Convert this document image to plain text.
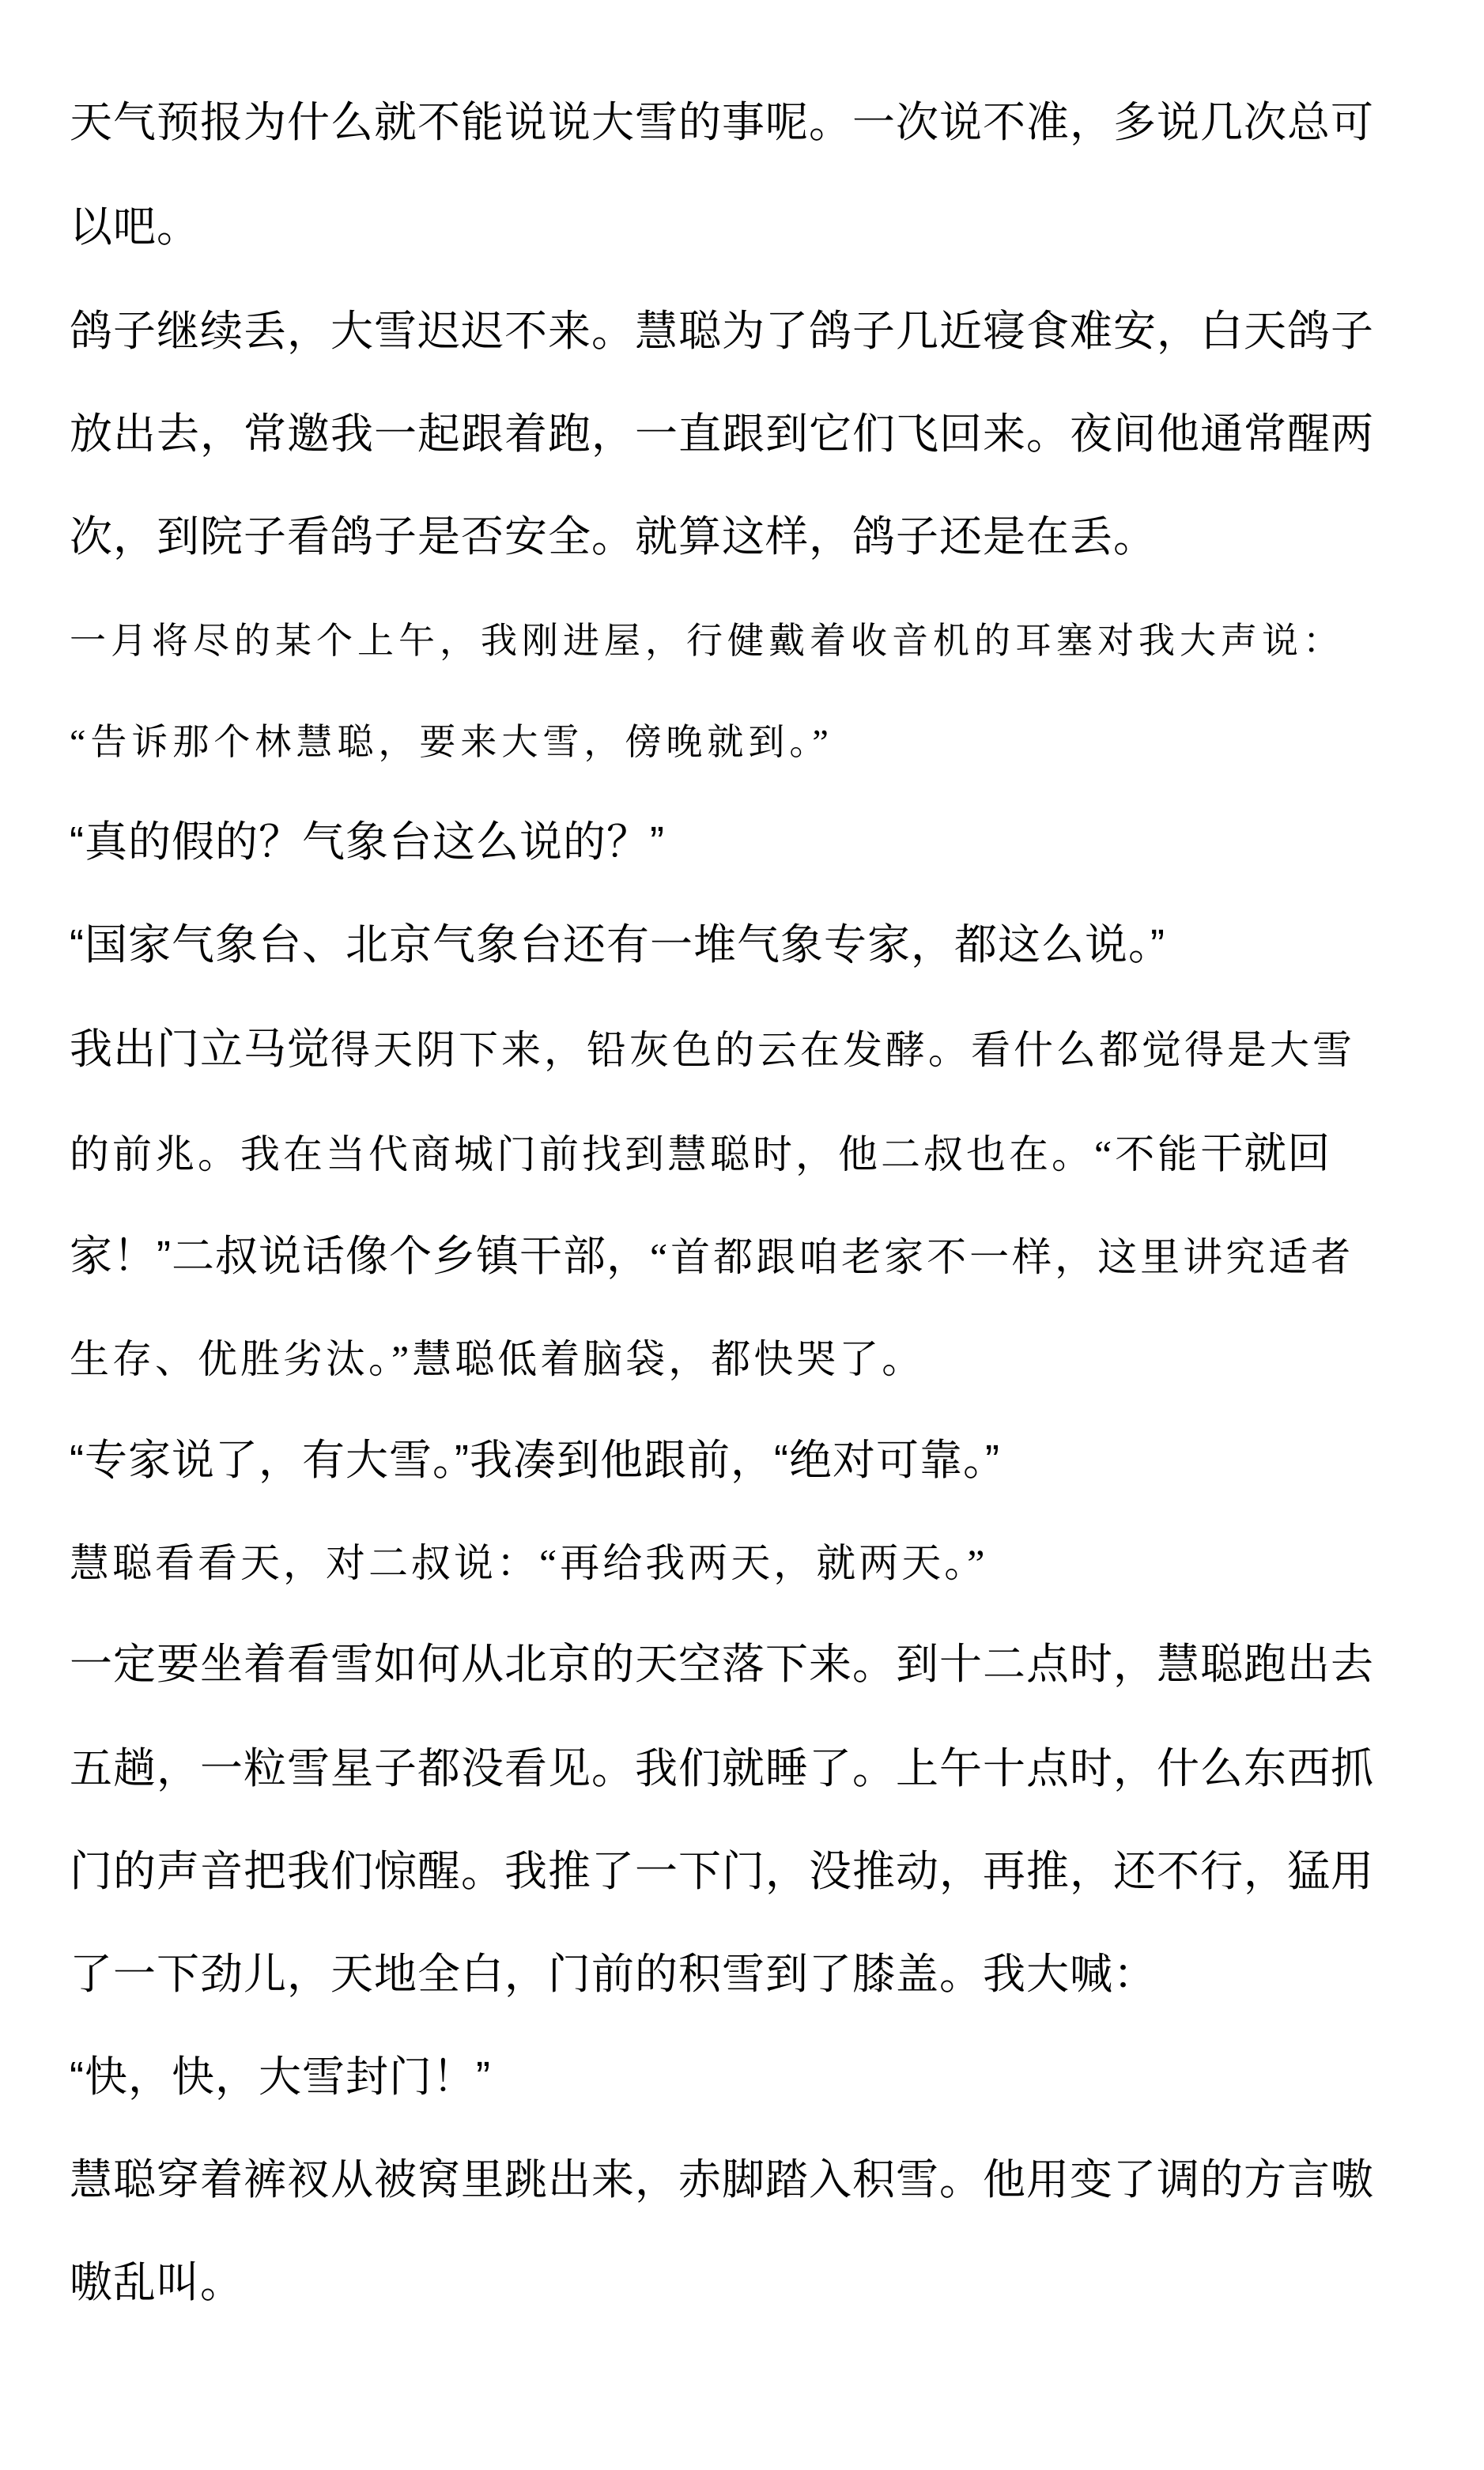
天气预报为什么就不能说说大雪的事呢。一次说不准，多说几次总可
以吧。
鸽子继续丢，大雪迟迟不来。慧聪为了鸽子几近寝食难安，白天鸽子
放出去，常邀我一起跟着跑，一直跟到它们飞回来。夜间他通常醒两
次，到院子看鸽子是否安全。就算这样，鸽子还是在丢。
一月将尽的某个上午，我刚进屋，行健戴着收音机的耳塞对我大声说：
“告诉那个林慧聪，要来大雪，傍晚就到。”
“真的假的？气象台这么说的？”
“国家气象台、北京气象台还有一堆气象专家，都这么说。”
我出门立马觉得天阴下来，铅灰色的云在发酵。看什么都觉得是大雪
的前兆。我在当代商城门前找到慧聪时，他二叔也在。“不能干就回
家！”二叔说话像个乡镇干部，“首都跟咱老家不一样，这里讲究适者
生存、优胜劣汰。”慧聪低着脑袋，都快哭了。
“专家说了，有大雪。”我凑到他跟前，“绝对可靠。”
慧聪看看天，对二叔说：“再给我两天，就两天。”
一定要坐着看雪如何从北京的天空落下来。到十二点时，慧聪跑出去
五趟，一粒雪星子都没看见。我们就睡了。上午十点时，什么东西抓
门的声音把我们惊醒。我推了一下门，没推动，再推，还不行，猛用
了一下劲儿，天地全白，门前的积雪到了膝盖。我大喊：
“快，快，大雪封门！”
慧聪穿着裤衩从被窝里跳出来，赤脚踏入积雪。他用变了调的方言嗷
嗷乱叫。
